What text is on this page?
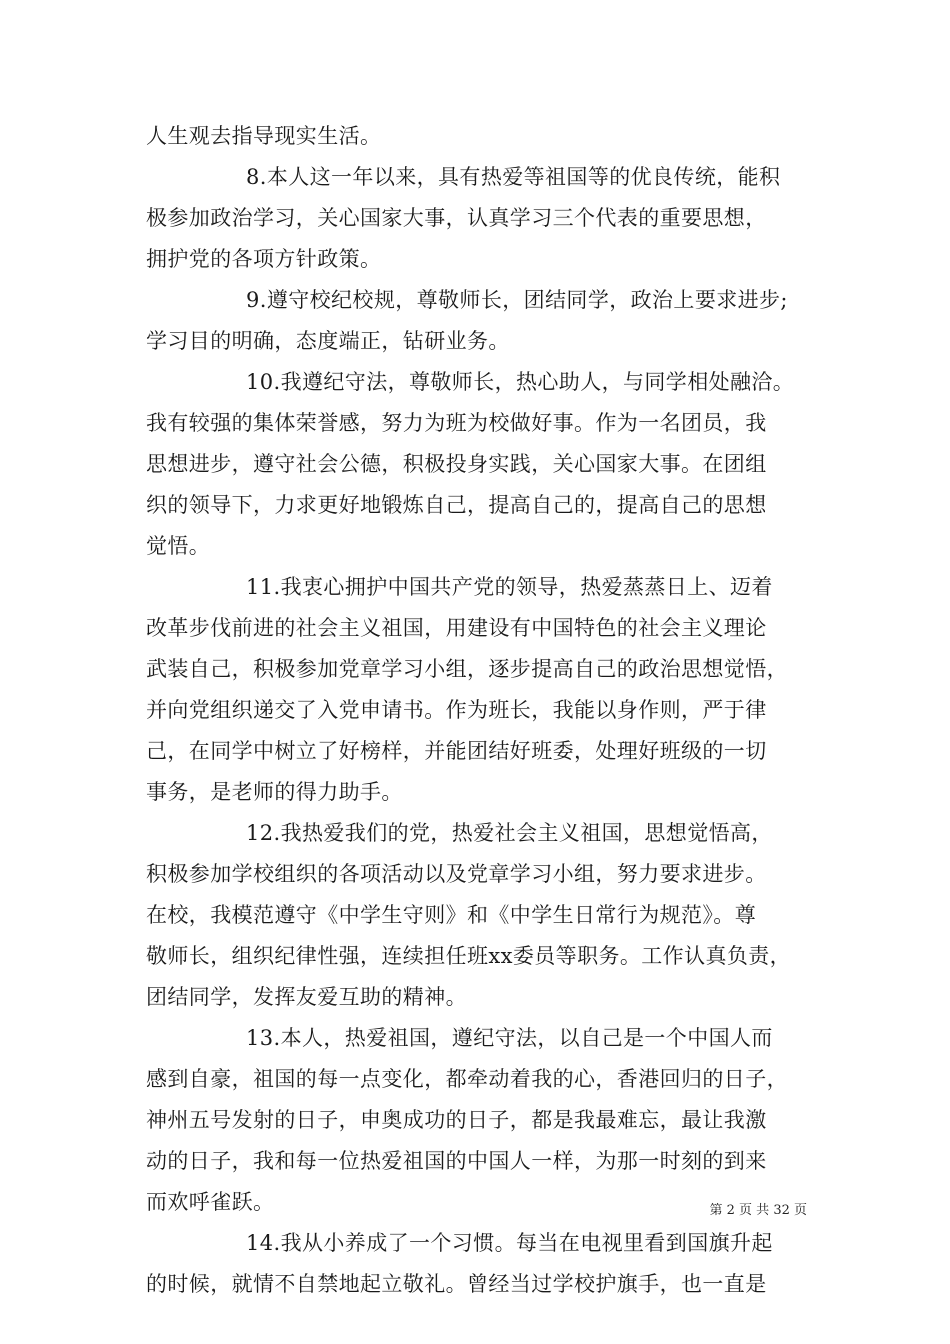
人生观去指导现实生活。
8.本人这一年以来，具有热爱等祖国等的优良传统，能积
极参加政治学习，关心国家大事，认真学习三个代表的重要思想，
拥护党的各项方针政策。
9.遵守校纪校规，尊敬师长，团结同学，政治上要求进步;
学习目的明确，态度端正，钻研业务。
10.我遵纪守法，尊敬师长，热心助人，与同学相处融洽。
我有较强的集体荣誉感，努力为班为校做好事。作为一名团员，我
思想进步，遵守社会公德，积极投身实践，关心国家大事。在团组
织的领导下，力求更好地锻炼自己，提高自己的，提高自己的思想
觉悟。
11.我衷心拥护中国共产党的领导，热爱蒸蒸日上、迈着
改革步伐前进的社会主义祖国，用建设有中国特色的社会主义理论
武装自己，积极参加党章学习小组，逐步提高自己的政治思想觉悟，
并向党组织递交了入党申请书。作为班长，我能以身作则，严于律
己，在同学中树立了好榜样，并能团结好班委，处理好班级的一切
事务，是老师的得力助手。
12.我热爱我们的党，热爱社会主义祖国，思想觉悟高，
积极参加学校组织的各项活动以及党章学习小组，努力要求进步。
在校，我模范遵守《中学生守则》和《中学生日常行为规范》。尊
敬师长，组织纪律性强，连续担任班xx委员等职务。工作认真负责，
团结同学，发挥友爱互助的精神。
13.本人，热爱祖国，遵纪守法，以自己是一个中国人而
感到自豪，祖国的每一点变化，都牵动着我的心，香港回归的日子，
神州五号发射的日子，申奥成功的日子，都是我最难忘，最让我激
动的日子，我和每一位热爱祖国的中国人一样，为那一时刻的到来
而欢呼雀跃。
14.我从小养成了一个习惯。每当在电视里看到国旗升起
的时候，就情不自禁地起立敬礼。曾经当过学校护旗手，也一直是
第 2 页 共 32 页
